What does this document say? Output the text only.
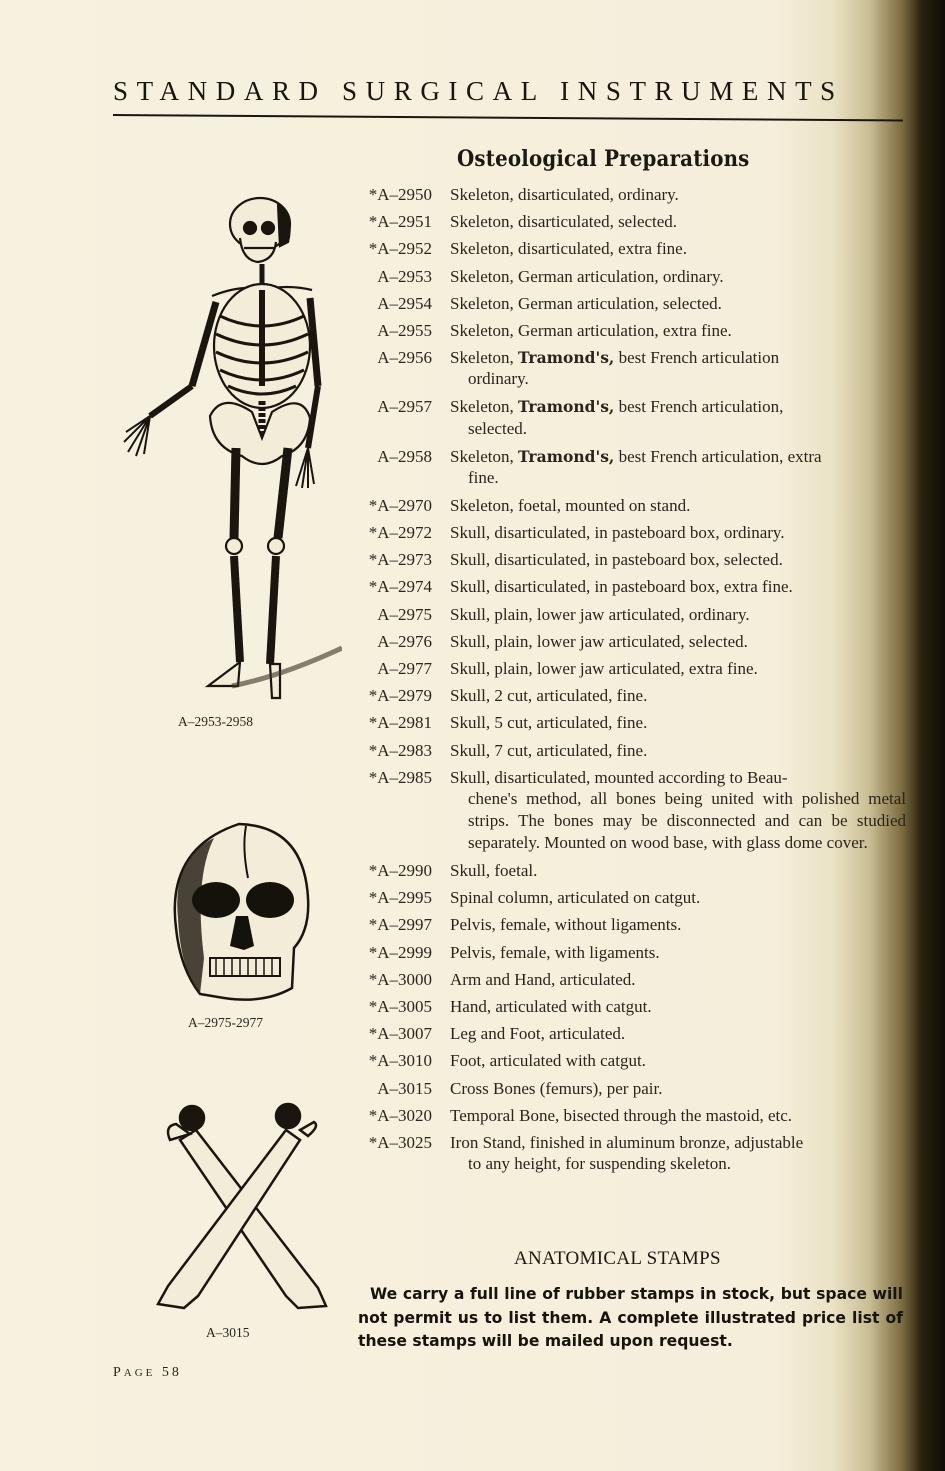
STANDARD SURGICAL INSTRUMENTS
Osteological Preparations
A–2953-2958
A–2975-2977
A–3015
*A–2950	Skeleton, disarticulated, ordinary.
*A–2951	Skeleton, disarticulated, selected.
*A–2952	Skeleton, disarticulated, extra fine.
A–2953	Skeleton, German articulation, ordinary.
A–2954	Skeleton, German articulation, selected.
A–2955	Skeleton, German articulation, extra fine.
A–2956	Skeleton, Tramond's, best French articulation
ordinary.
A–2957	Skeleton, Tramond's, best French articulation,
selected.
A–2958	Skeleton, Tramond's, best French articulation, extra
fine.
*A–2970	Skeleton, foetal, mounted on stand.
*A–2972	Skull, disarticulated, in pasteboard box, ordinary.
*A–2973	Skull, disarticulated, in pasteboard box, selected.
*A–2974	Skull, disarticulated, in pasteboard box, extra fine.
A–2975	Skull, plain, lower jaw articulated, ordinary.
A–2976	Skull, plain, lower jaw articulated, selected.
A–2977	Skull, plain, lower jaw articulated, extra fine.
*A–2979	Skull, 2 cut, articulated, fine.
*A–2981	Skull, 5 cut, articulated, fine.
*A–2983	Skull, 7 cut, articulated, fine.
*A–2985	Skull, disarticulated, mounted according to Beau-
chene's method, all bones being united with polished metal strips. The bones may be disconnected and can be studied separately. Mounted on wood base, with glass dome cover.
*A–2990	Skull, foetal.
*A–2995	Spinal column, articulated on catgut.
*A–2997	Pelvis, female, without ligaments.
*A–2999	Pelvis, female, with ligaments.
*A–3000	Arm and Hand, articulated.
*A–3005	Hand, articulated with catgut.
*A–3007	Leg and Foot, articulated.
*A–3010	Foot, articulated with catgut.
A–3015	Cross Bones (femurs), per pair.
*A–3020	Temporal Bone, bisected through the mastoid, etc.
*A–3025	Iron Stand, finished in aluminum bronze, adjustable
to any height, for suspending skeleton.
ANATOMICAL STAMPS
We carry a full line of rubber stamps in stock, but space will not permit us to list them. A complete illustrated price list of these stamps will be mailed upon request.
PAGE 58
